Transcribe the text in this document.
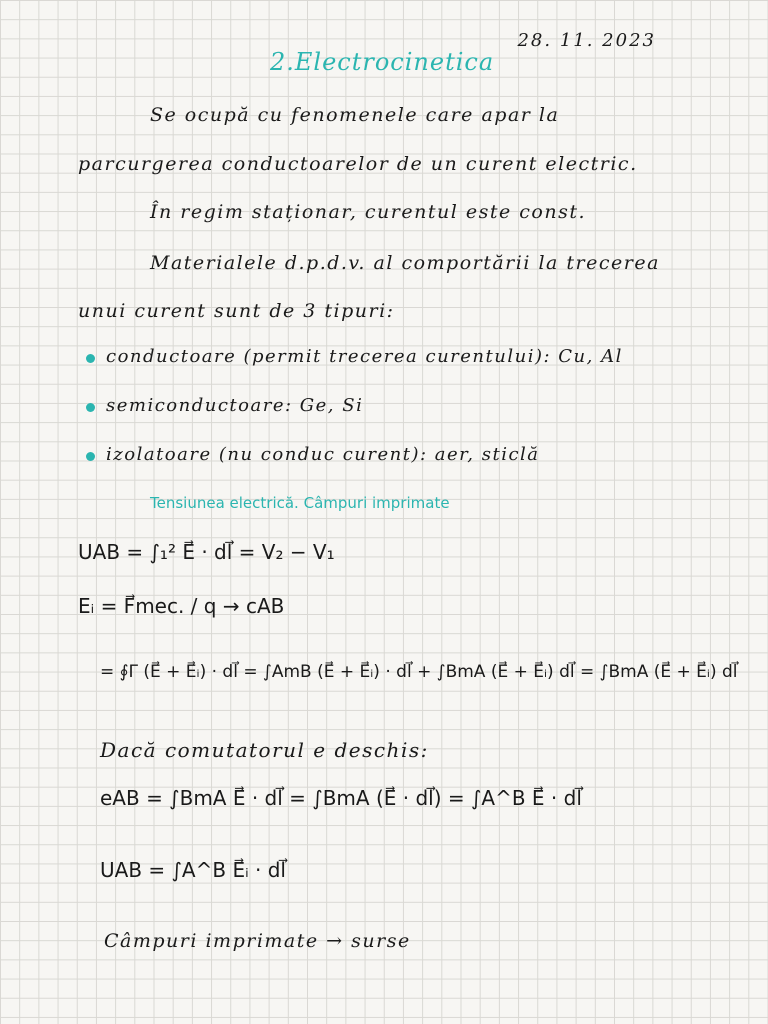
28. 11. 2023
2.Electrocinetica
Se ocupă cu fenomenele care apar la
parcurgerea conductoarelor de un curent electric.
În regim staționar, curentul este const.
Materialele d.p.d.v. al comportării la trecerea
unui curent sunt de 3 tipuri:
conductoare (permit trecerea curentului): Cu, Al
semiconductoare: Ge, Si
izolatoare (nu conduc curent): aer, sticlă
Tensiunea electrică. Câmpuri imprimate
UAB = ∫₁² E⃗ · dl⃗ = V₂ − V₁
Eᵢ = F⃗mec. / q → cAB
= ∮Γ (E⃗ + E⃗ᵢ) · dl⃗ = ∫AmB (E⃗ + E⃗ᵢ) · dl⃗ + ∫BmA (E⃗ + E⃗ᵢ) dl⃗ = ∫BmA (E⃗ + E⃗ᵢ) dl⃗
Dacă comutatorul e deschis:
eAB = ∫BmA E⃗ · dl⃗ = ∫BmA (E⃗ · dl⃗) = ∫A^B E⃗ · dl⃗
UAB = ∫A^B E⃗ᵢ · dl⃗
Câmpuri imprimate → surse
